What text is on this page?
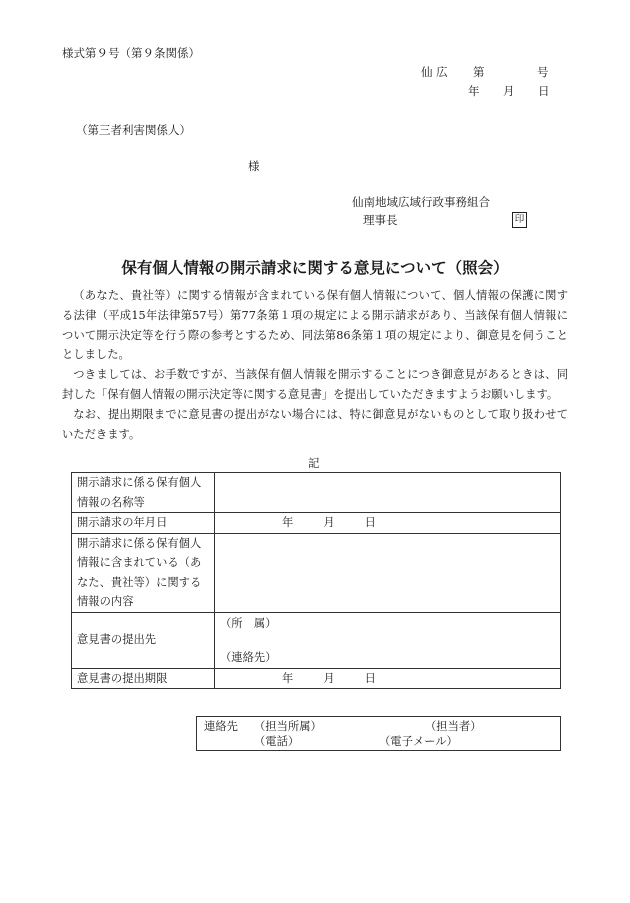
様式第９号（第９条関係）
仙 広 第	号
年 月 日
（第三者利害関係人）
様
仙南地域広域行政事務組合
理事長	印
保有個人情報の開示請求に関する意見について（照会）

（あなた、貴社等）に関する情報が含まれている保有個人情報について、個人情報の保護に関する法律（平成15年法律第57号）第77条第１項の規定による開示請求があり、当該保有個人情報について開示決定等を行う際の参考とするため、同法第86条第１項の規定により、御意見を伺うこととしました。

つきましては、お手数ですが、当該保有個人情報を開示することにつき御意見があるときは、同封した「保有個人情報の開示決定等に関する意見書」を提出していただきますようお願いします。

なお、提出期限までに意見書の提出がない場合には、特に御意見がないものとして取り扱わせていただきます。

記
開示請求に係る保有個人情報の名称等	
開示請求の年月日	年 月 日

開示請求に係る保有個人情報に含まれている（あなた、貴社等）に関する情報の内容	
意見書の提出先	（所　属）
（連絡先）

意見書の提出期限	年 月 日
連絡先 （担当所属）	（担当者）
（電話）	（電子メール）
